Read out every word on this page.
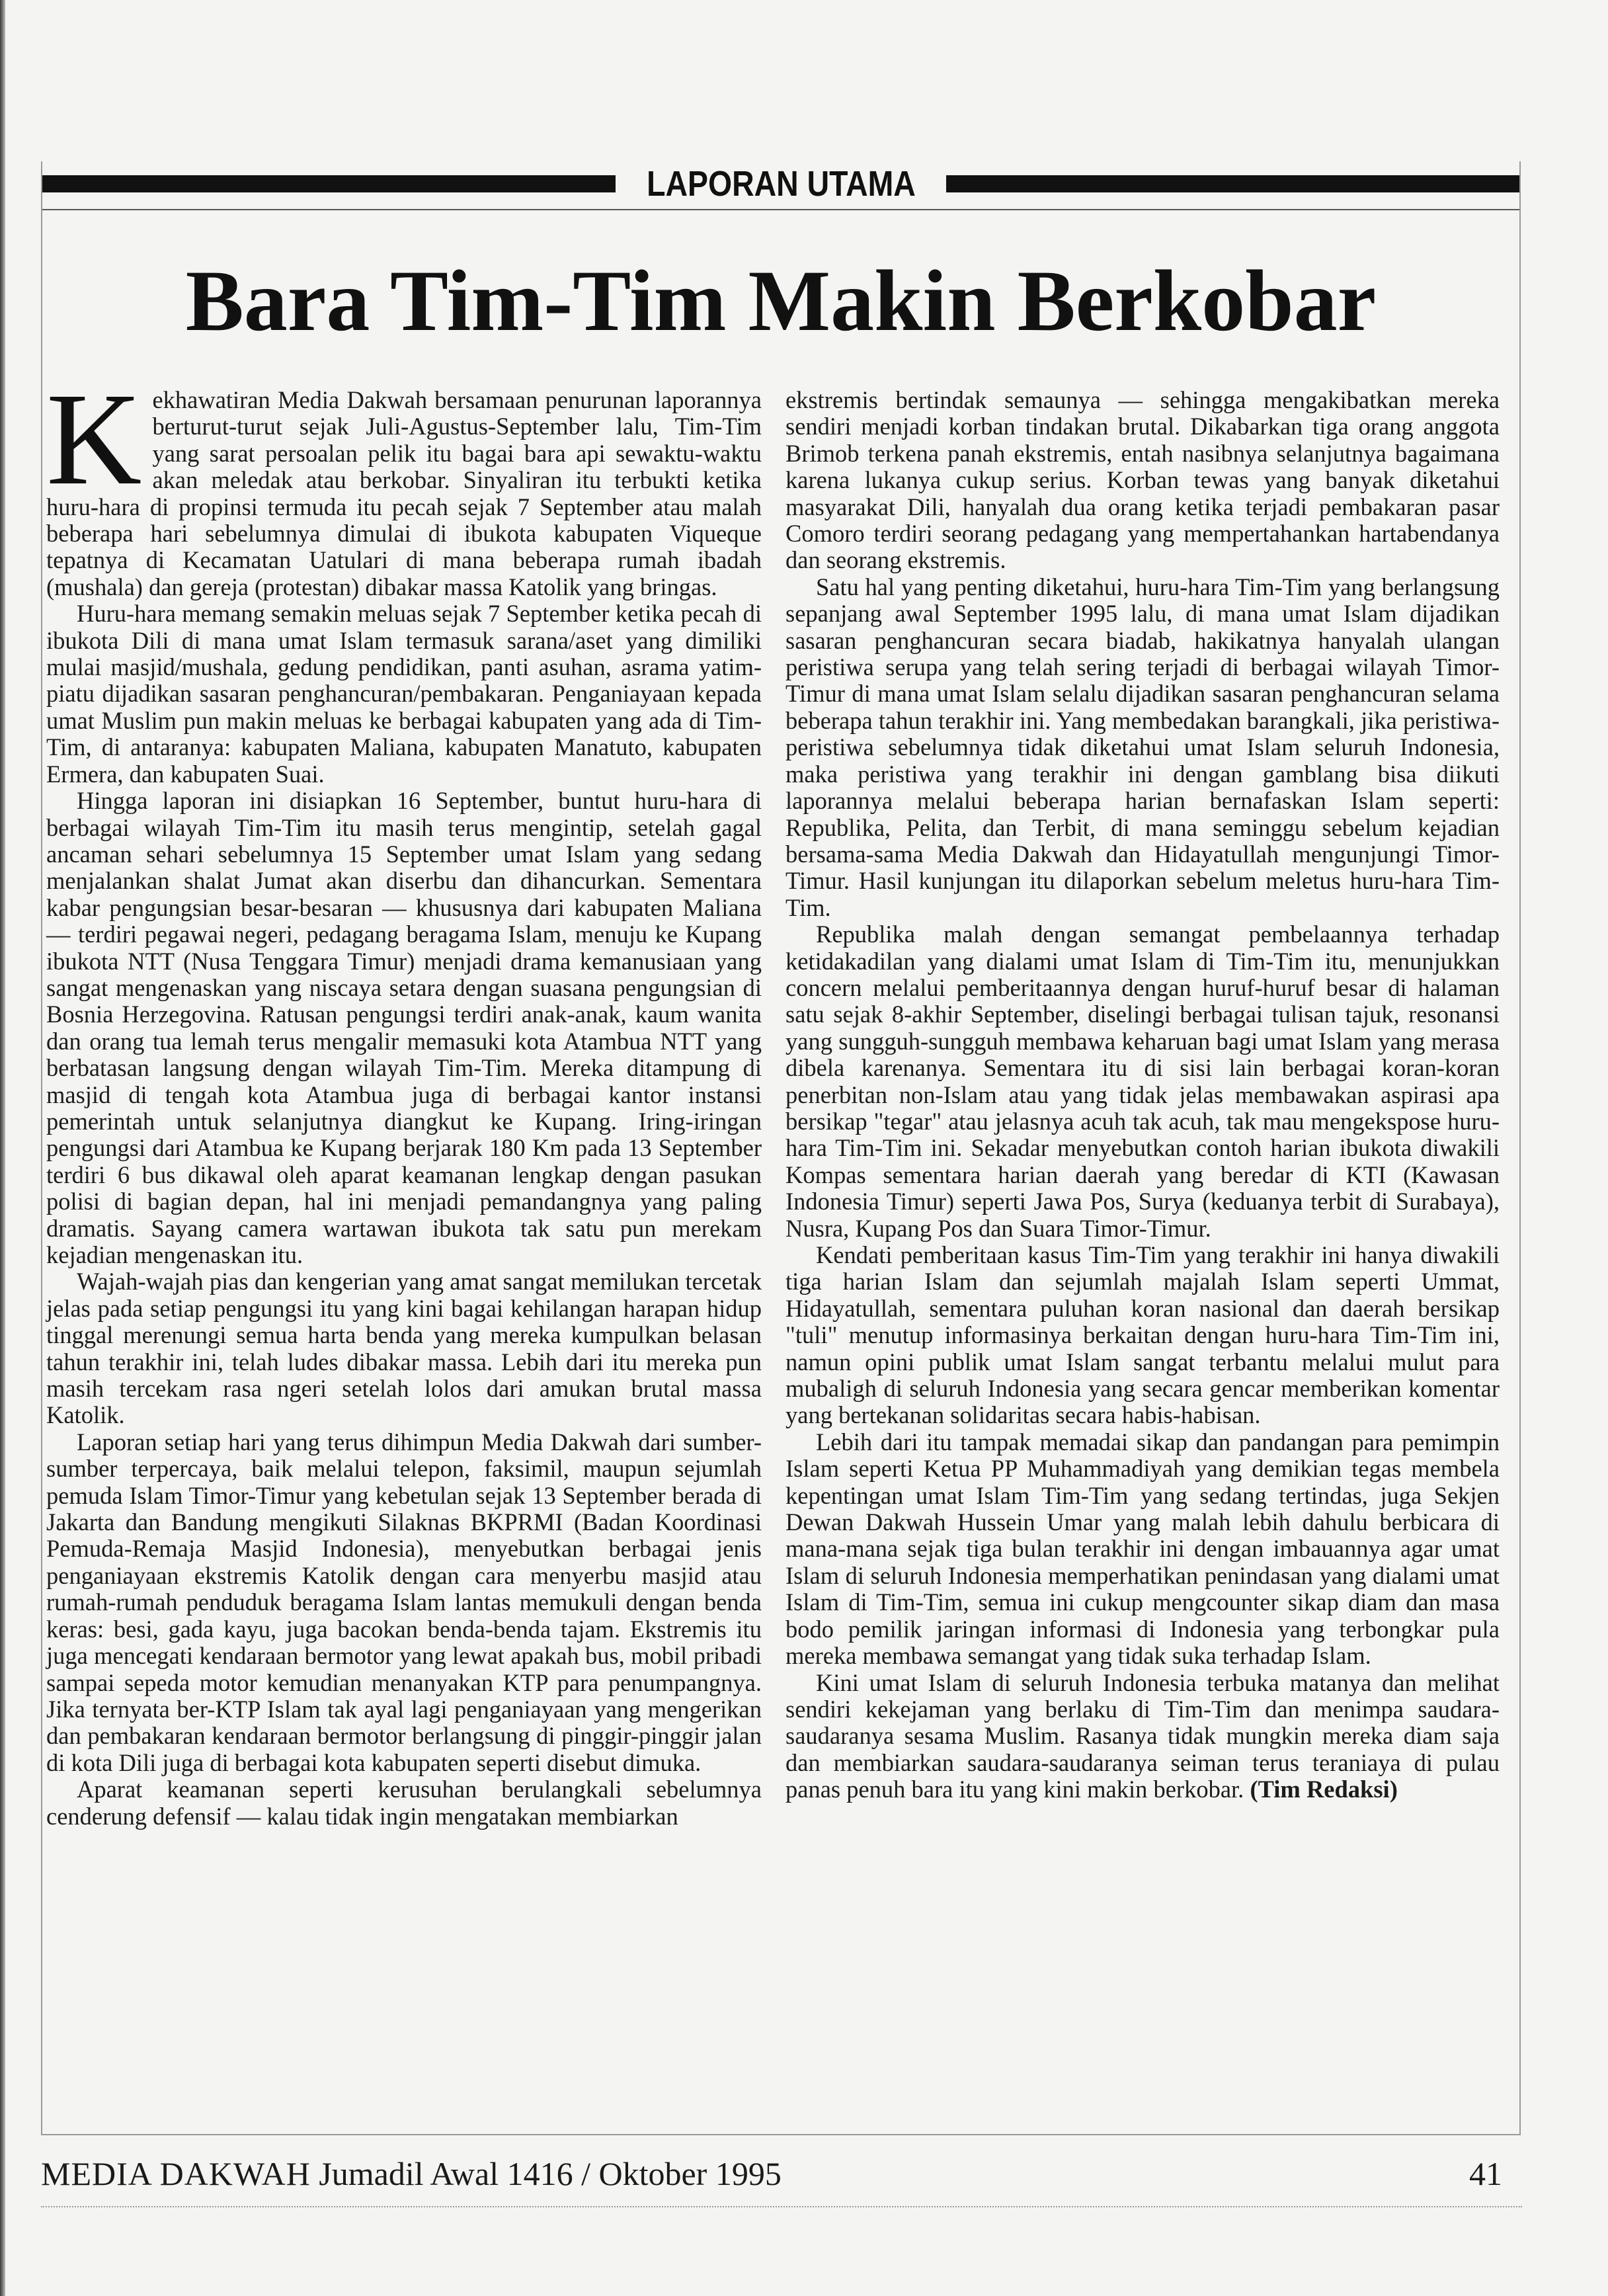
LAPORAN UTAMA
Bara Tim-Tim Makin Berkobar

Kekhawatiran Media Dakwah bersamaan penurunan laporannya berturut-turut sejak Juli-Agustus-September lalu, Tim-Tim yang sarat persoalan pelik itu bagai bara api sewaktu-waktu akan meledak atau berkobar. Sinyaliran itu terbukti ketika huru-hara di propinsi termuda itu pecah sejak 7 September atau malah beberapa hari sebelumnya dimulai di ibukota kabupaten Viqueque tepatnya di Kecamatan Uatulari di mana beberapa rumah ibadah (mushala) dan gereja (protestan) dibakar massa Katolik yang bringas.

Huru-hara memang semakin meluas sejak 7 September ketika pecah di ibukota Dili di mana umat Islam termasuk sarana/aset yang dimiliki mulai masjid/mushala, gedung pendidikan, panti asuhan, asrama yatim-piatu dijadikan sasaran penghancuran/pembakaran. Penganiayaan kepada umat Muslim pun makin meluas ke berbagai kabupaten yang ada di Tim-Tim, di antaranya: kabupaten Maliana, kabupaten Manatuto, kabupaten Ermera, dan kabupaten Suai.

Hingga laporan ini disiapkan 16 September, buntut huru-hara di berbagai wilayah Tim-Tim itu masih terus mengintip, setelah gagal ancaman sehari sebelumnya 15 September umat Islam yang sedang menjalankan shalat Jumat akan diserbu dan dihancurkan. Sementara kabar pengungsian besar-besaran — khususnya dari kabupaten Maliana — terdiri pegawai negeri, pedagang beragama Islam, menuju ke Kupang ibukota NTT (Nusa Tenggara Timur) menjadi drama kemanusiaan yang sangat mengenaskan yang niscaya setara dengan suasana pengungsian di Bosnia Herzegovina. Ratusan pengungsi terdiri anak-anak, kaum wanita dan orang tua lemah terus mengalir memasuki kota Atambua NTT yang berbatasan langsung dengan wilayah Tim-Tim. Mereka ditampung di masjid di tengah kota Atambua juga di berbagai kantor instansi pemerintah untuk selanjutnya diangkut ke Kupang. Iring-iringan pengungsi dari Atambua ke Kupang berjarak 180 Km pada 13 September terdiri 6 bus dikawal oleh aparat keamanan lengkap dengan pasukan polisi di bagian depan, hal ini menjadi pemandangnya yang paling dramatis. Sayang camera wartawan ibukota tak satu pun merekam kejadian mengenaskan itu.

Wajah-wajah pias dan kengerian yang amat sangat memilukan tercetak jelas pada setiap pengungsi itu yang kini bagai kehilangan harapan hidup tinggal merenungi semua harta benda yang mereka kumpulkan belasan tahun terakhir ini, telah ludes dibakar massa. Lebih dari itu mereka pun masih tercekam rasa ngeri setelah lolos dari amukan brutal massa Katolik.

Laporan setiap hari yang terus dihimpun Media Dakwah dari sumber-sumber terpercaya, baik melalui telepon, faksimil, maupun sejumlah pemuda Islam Timor-Timur yang kebetulan sejak 13 September berada di Jakarta dan Bandung mengikuti Silaknas BKPRMI (Badan Koordinasi Pemuda-Remaja Masjid Indonesia), menyebutkan berbagai jenis penganiayaan ekstremis Katolik dengan cara menyerbu masjid atau rumah-rumah penduduk beragama Islam lantas memukuli dengan benda keras: besi, gada kayu, juga bacokan benda-benda tajam. Ekstremis itu juga mencegati kendaraan bermotor yang lewat apakah bus, mobil pribadi sampai sepeda motor kemudian menanyakan KTP para penumpangnya. Jika ternyata ber-KTP Islam tak ayal lagi penganiayaan yang mengerikan dan pembakaran kendaraan bermotor berlangsung di pinggir-pinggir jalan di kota Dili juga di berbagai kota kabupaten seperti disebut dimuka.

Aparat keamanan seperti kerusuhan berulangkali sebelumnya cenderung defensif — kalau tidak ingin mengatakan membiarkan

ekstremis bertindak semaunya — sehingga mengakibatkan mereka sendiri menjadi korban tindakan brutal. Dikabarkan tiga orang anggota Brimob terkena panah ekstremis, entah nasibnya selanjutnya bagaimana karena lukanya cukup serius. Korban tewas yang banyak diketahui masyarakat Dili, hanyalah dua orang ketika terjadi pembakaran pasar Comoro terdiri seorang pedagang yang mempertahankan hartabendanya dan seorang ekstremis.

Satu hal yang penting diketahui, huru-hara Tim-Tim yang berlangsung sepanjang awal September 1995 lalu, di mana umat Islam dijadikan sasaran penghancuran secara biadab, hakikatnya hanyalah ulangan peristiwa serupa yang telah sering terjadi di berbagai wilayah Timor-Timur di mana umat Islam selalu dijadikan sasaran penghancuran selama beberapa tahun terakhir ini. Yang membedakan barangkali, jika peristiwa-peristiwa sebelumnya tidak diketahui umat Islam seluruh Indonesia, maka peristiwa yang terakhir ini dengan gamblang bisa diikuti laporannya melalui beberapa harian bernafaskan Islam seperti: Republika, Pelita, dan Terbit, di mana seminggu sebelum kejadian bersama-sama Media Dakwah dan Hidayatullah mengunjungi Timor-Timur. Hasil kunjungan itu dilaporkan sebelum meletus huru-hara Tim-Tim.

Republika malah dengan semangat pembelaannya terhadap ketidakadilan yang dialami umat Islam di Tim-Tim itu, menunjukkan concern melalui pemberitaannya dengan huruf-huruf besar di halaman satu sejak 8-akhir September, diselingi berbagai tulisan tajuk, resonansi yang sungguh-sungguh membawa keharuan bagi umat Islam yang merasa dibela karenanya. Sementara itu di sisi lain berbagai koran-koran penerbitan non-Islam atau yang tidak jelas membawakan aspirasi apa bersikap "tegar" atau jelasnya acuh tak acuh, tak mau mengekspose huru-hara Tim-Tim ini. Sekadar menyebutkan contoh harian ibukota diwakili Kompas sementara harian daerah yang beredar di KTI (Kawasan Indonesia Timur) seperti Jawa Pos, Surya (keduanya terbit di Surabaya), Nusra, Kupang Pos dan Suara Timor-Timur.

Kendati pemberitaan kasus Tim-Tim yang terakhir ini hanya diwakili tiga harian Islam dan sejumlah majalah Islam seperti Ummat, Hidayatullah, sementara puluhan koran nasional dan daerah bersikap "tuli" menutup informasinya berkaitan dengan huru-hara Tim-Tim ini, namun opini publik umat Islam sangat terbantu melalui mulut para mubaligh di seluruh Indonesia yang secara gencar memberikan komentar yang bertekanan solidaritas secara habis-habisan.

Lebih dari itu tampak memadai sikap dan pandangan para pemimpin Islam seperti Ketua PP Muhammadiyah yang demikian tegas membela kepentingan umat Islam Tim-Tim yang sedang tertindas, juga Sekjen Dewan Dakwah Hussein Umar yang malah lebih dahulu berbicara di mana-mana sejak tiga bulan terakhir ini dengan imbauannya agar umat Islam di seluruh Indonesia memperhatikan penindasan yang dialami umat Islam di Tim-Tim, semua ini cukup mengcounter sikap diam dan masa bodo pemilik jaringan informasi di Indonesia yang terbongkar pula mereka membawa semangat yang tidak suka terhadap Islam.

Kini umat Islam di seluruh Indonesia terbuka matanya dan melihat sendiri kekejaman yang berlaku di Tim-Tim dan menimpa saudara-saudaranya sesama Muslim. Rasanya tidak mungkin mereka diam saja dan membiarkan saudara-saudaranya seiman terus teraniaya di pulau panas penuh bara itu yang kini makin berkobar. (Tim Redaksi)

MEDIA DAKWAH Jumadil Awal 1416 / Oktober 1995	41
